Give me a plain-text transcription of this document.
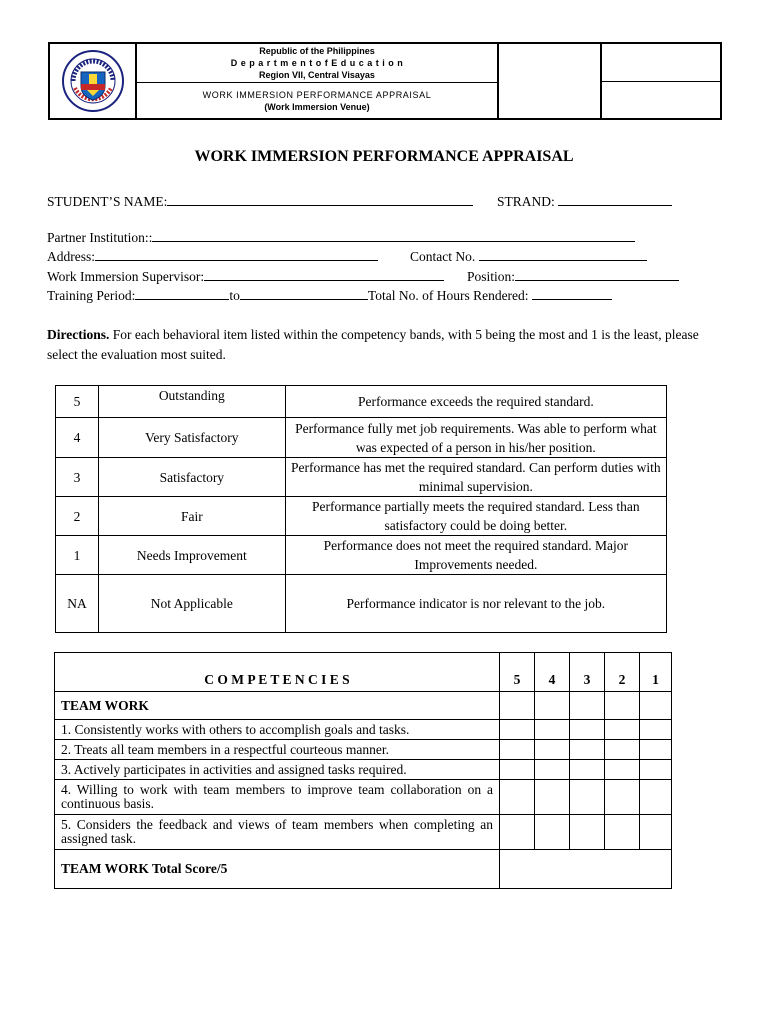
Republic of the Philippines
D e p a r t m e n t o f E d u c a t i o n
Region VII, Central Visayas
WORK IMMERSION PERFORMANCE APPRAISAL
(Work Immersion Venue)
WORK IMMERSION PERFORMANCE APPRAISAL
STUDENT’S NAME:	STRAND:
Partner Institution::
Address:	Contact No.
Work Immersion Supervisor:	Position:
Training Period:	to	Total No. of Hours Rendered:
Directions. For each behavioral item listed within the competency bands, with 5 being the most and 1 is the least, please select the evaluation most suited.
5	Outstanding	Performance exceeds the required standard.
4	Very Satisfactory	Performance fully met job requirements. Was able to perform what was expected of a person in his/her position.
3	Satisfactory	Performance has met the required standard. Can perform duties with minimal supervision.
2	Fair	Performance partially meets the required standard. Less than satisfactory could be doing better.
1	Needs Improvement	Performance does not meet the required standard. Major Improvements needed.
NA	Not Applicable	Performance indicator is nor relevant to the job.
C O M P E T E N C I E S	5	4	3	2	1
TEAM WORK					
1. Consistently works with others to accomplish goals and tasks.					
2. Treats all team members in a respectful courteous manner.					
3. Actively participates in activities and assigned tasks required.					
4. Willing to work with team members to improve team collaboration on a continuous basis.					
5. Considers the feedback and views of team members when completing an assigned task.					
TEAM WORK Total Score/5					
